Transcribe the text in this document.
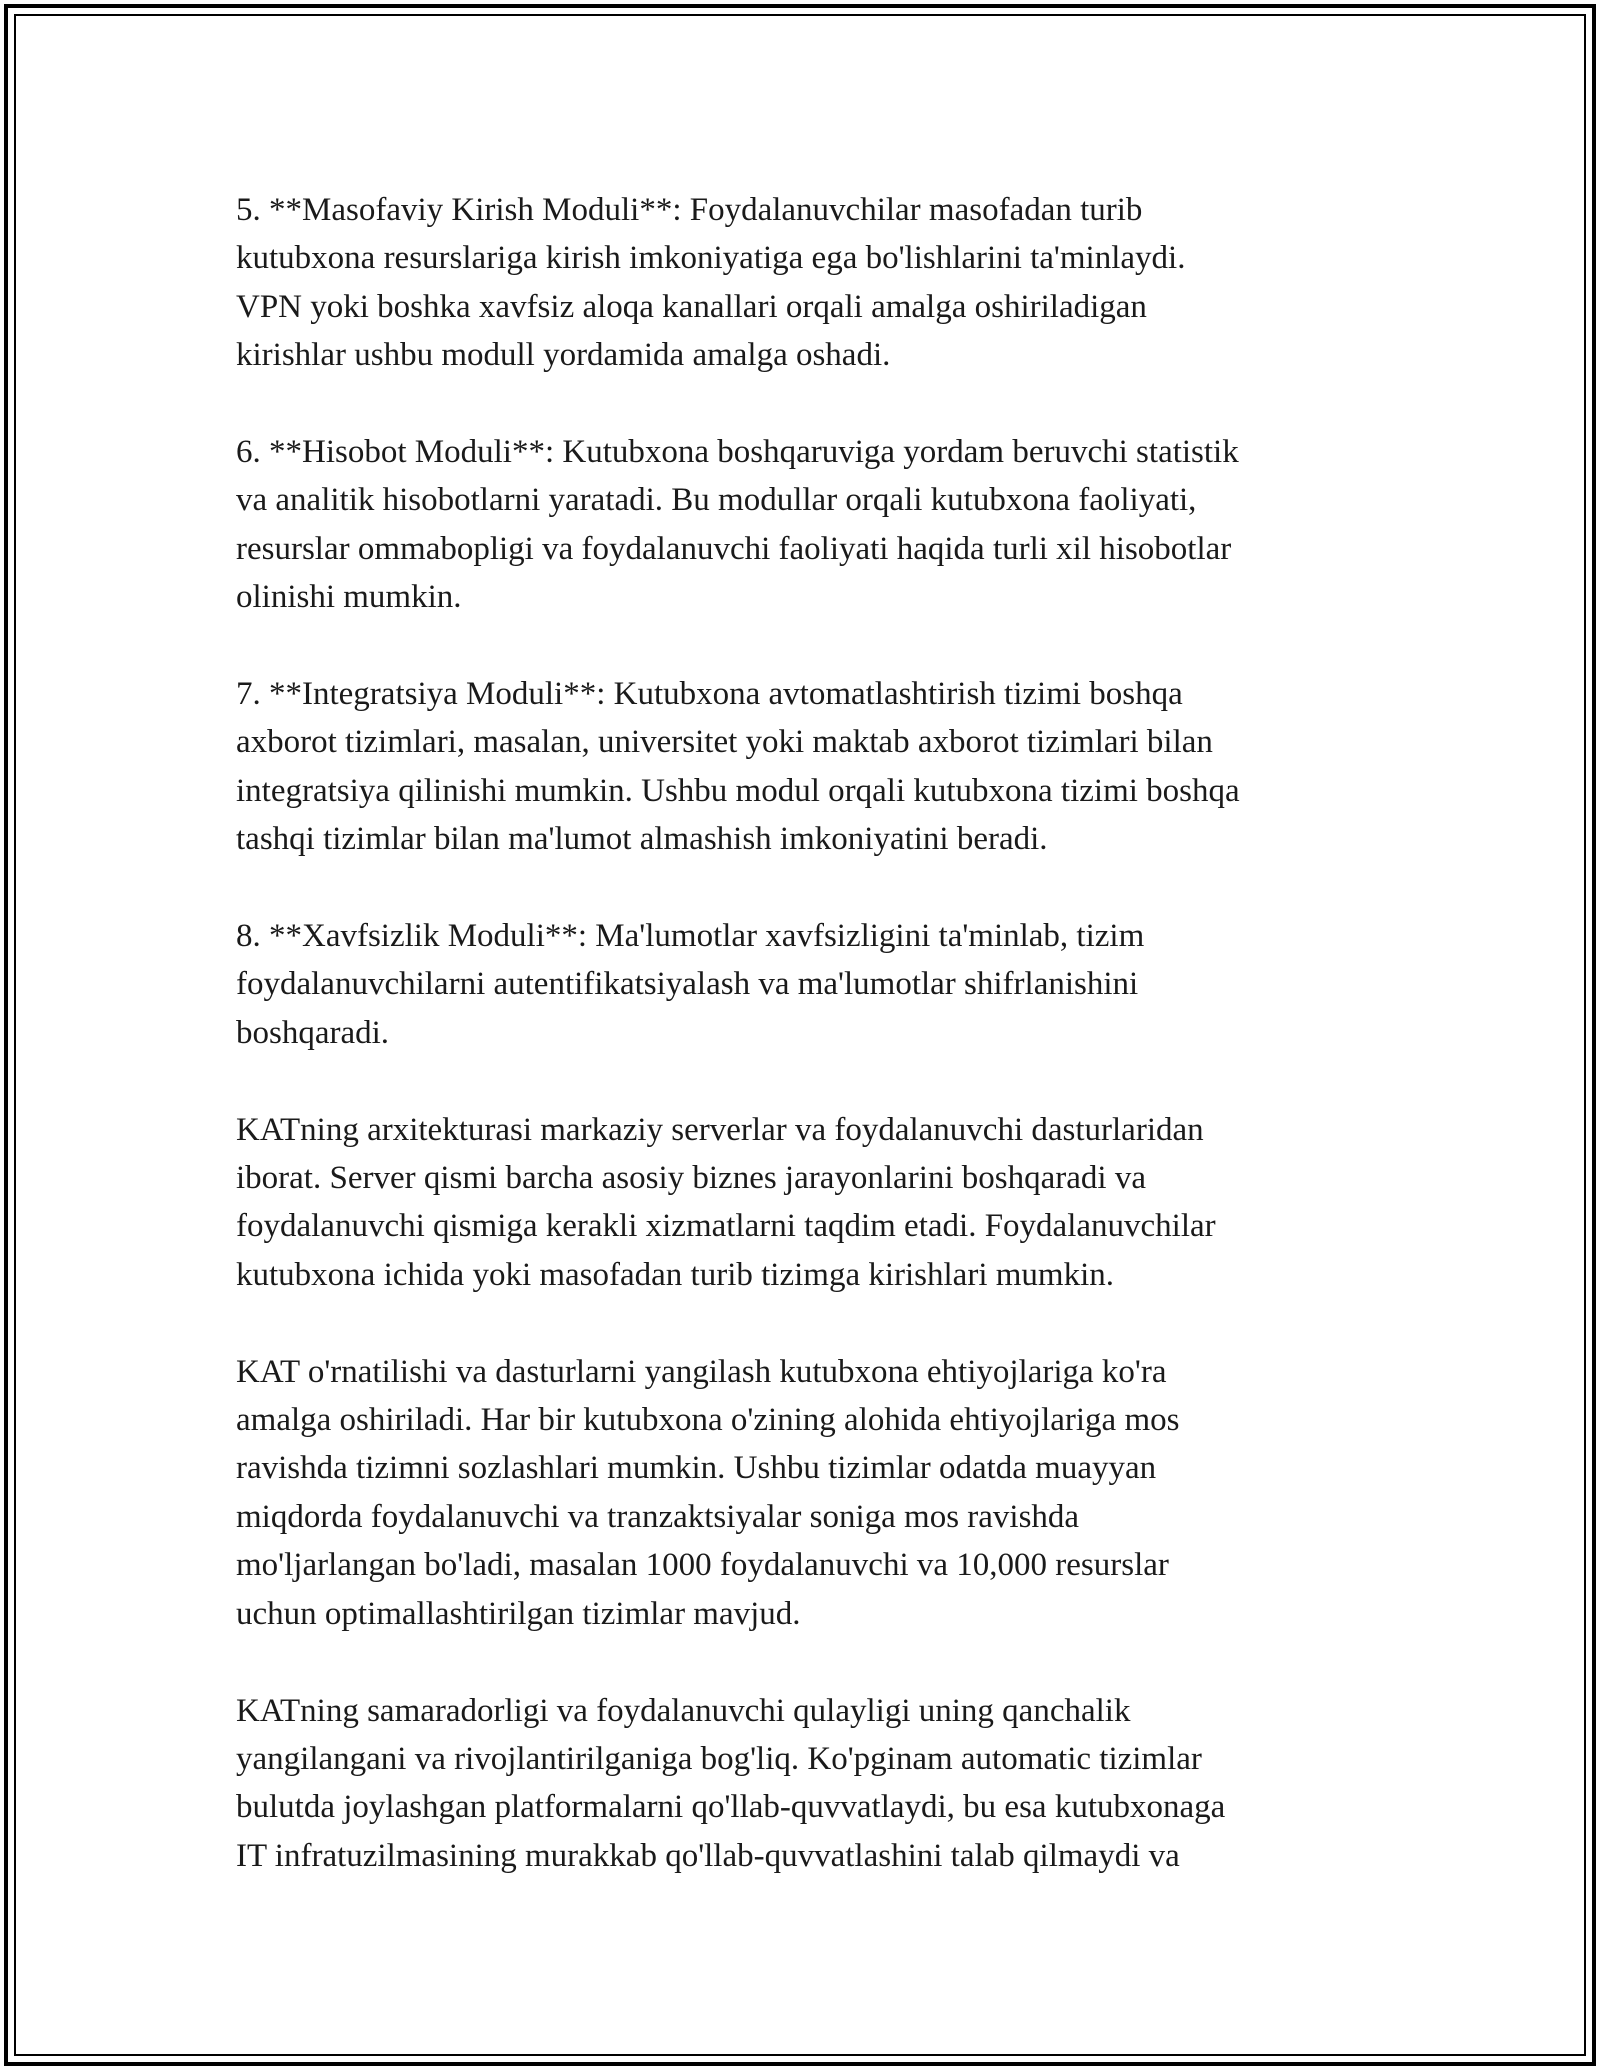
5. **Masofaviy Kirish Moduli**: Foydalanuvchilar masofadan turib
kutubxona resurslariga kirish imkoniyatiga ega bo'lishlarini ta'minlaydi.
VPN yoki boshka xavfsiz aloqa kanallari orqali amalga oshiriladigan
kirishlar ushbu modull yordamida amalga oshadi.

6. **Hisobot Moduli**: Kutubxona boshqaruviga yordam beruvchi statistik
va analitik hisobotlarni yaratadi. Bu modullar orqali kutubxona faoliyati,
resurslar ommabopligi va foydalanuvchi faoliyati haqida turli xil hisobotlar
olinishi mumkin.

7. **Integratsiya Moduli**: Kutubxona avtomatlashtirish tizimi boshqa
axborot tizimlari, masalan, universitet yoki maktab axborot tizimlari bilan
integratsiya qilinishi mumkin. Ushbu modul orqali kutubxona tizimi boshqa
tashqi tizimlar bilan ma'lumot almashish imkoniyatini beradi.

8. **Xavfsizlik Moduli**: Ma'lumotlar xavfsizligini ta'minlab, tizim
foydalanuvchilarni autentifikatsiyalash va ma'lumotlar shifrlanishini
boshqaradi.

KATning arxitekturasi markaziy serverlar va foydalanuvchi dasturlaridan
iborat. Server qismi barcha asosiy biznes jarayonlarini boshqaradi va
foydalanuvchi qismiga kerakli xizmatlarni taqdim etadi. Foydalanuvchilar
kutubxona ichida yoki masofadan turib tizimga kirishlari mumkin.

KAT o'rnatilishi va dasturlarni yangilash kutubxona ehtiyojlariga ko'ra
amalga oshiriladi. Har bir kutubxona o'zining alohida ehtiyojlariga mos
ravishda tizimni sozlashlari mumkin. Ushbu tizimlar odatda muayyan
miqdorda foydalanuvchi va tranzaktsiyalar soniga mos ravishda
mo'ljarlangan bo'ladi, masalan 1000 foydalanuvchi va 10,000 resurslar
uchun optimallashtirilgan tizimlar mavjud.

KATning samaradorligi va foydalanuvchi qulayligi uning qanchalik
yangilangani va rivojlantirilganiga bog'liq. Ko'pginam automatic tizimlar
bulutda joylashgan platformalarni qo'llab-quvvatlaydi, bu esa kutubxonaga
IT infratuzilmasining murakkab qo'llab-quvvatlashini talab qilmaydi va
